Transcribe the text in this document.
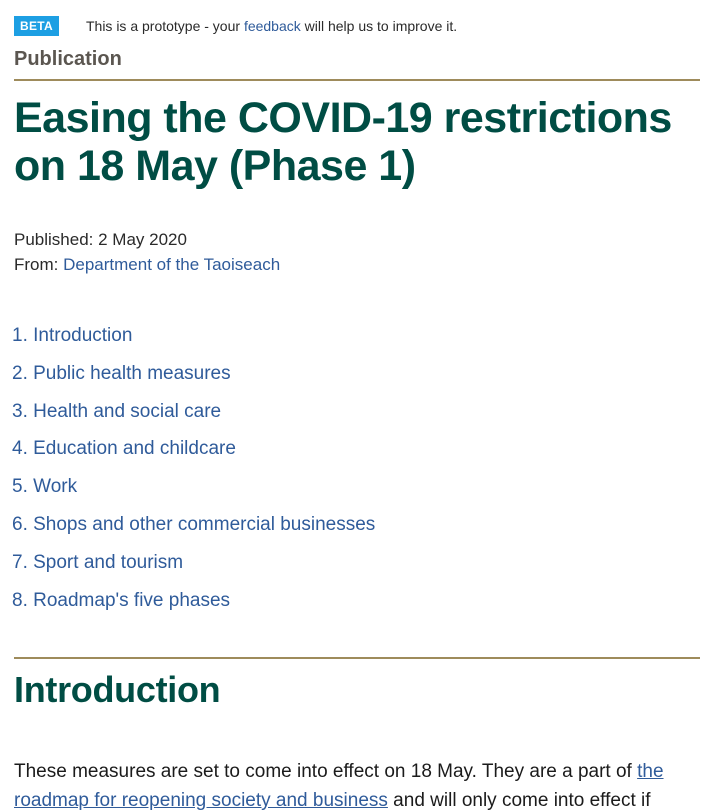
BETA	This is a prototype - your feedback will help us to improve it.
Publication
Easing the COVID-19 restrictions on 18 May (Phase 1)
Published: 2 May 2020
From: Department of the Taoiseach
1. Introduction
2. Public health measures
3. Health and social care
4. Education and childcare
5. Work
6. Shops and other commercial businesses
7. Sport and tourism
8. Roadmap's five phases
Introduction

These measures are set to come into effect on 18 May. They are a part of the roadmap for reopening society and business and will only come into effect if
